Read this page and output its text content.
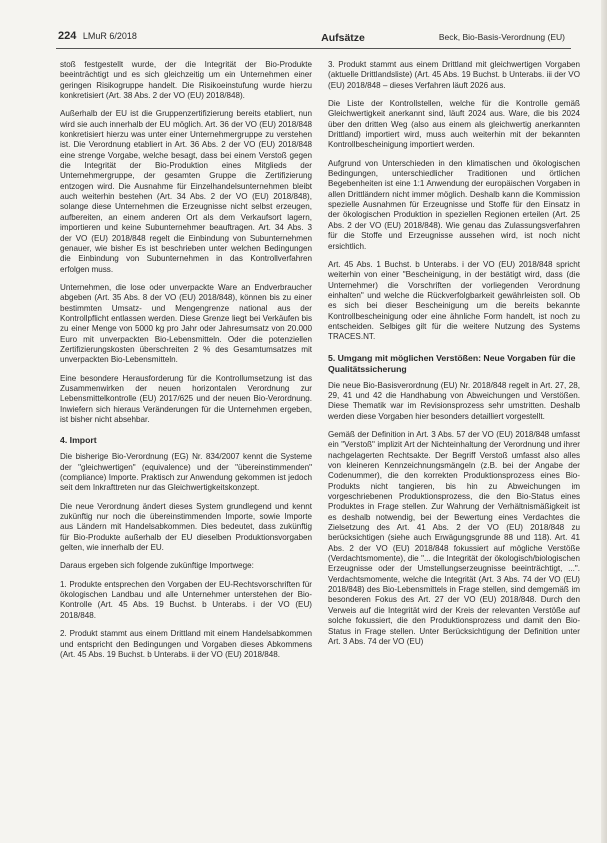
224 LMuR 6/2018	Aufsätze	Beck, Bio-Basis-Verordnung (EU)

stoß festgestellt wurde, der die Integrität der Bio-Produkte beeinträchtigt und es sich gleichzeitig um ein Unternehmen einer geringen Risikogruppe handelt. Die Risikoeinstufung wurde hierzu konkretisiert (Art. 38 Abs. 2 der VO (EU) 2018/848).

Außerhalb der EU ist die Gruppenzertifizierung bereits etabliert, nun wird sie auch innerhalb der EU möglich. Art. 36 der VO (EU) 2018/848 konkretisiert hierzu was unter einer Unternehmergruppe zu verstehen ist. Die Verordnung etabliert in Art. 36 Abs. 2 der VO (EU) 2018/848 eine strenge Vorgabe, welche besagt, dass bei einem Verstoß gegen die Integrität der Bio-Produktion eines Mitglieds der Unternehmergruppe, der gesamten Gruppe die Zertifizierung entzogen wird. Die Ausnahme für Einzelhandelsunternehmen bleibt auch weiterhin bestehen (Art. 34 Abs. 2 der VO (EU) 2018/848), solange diese Unternehmen die Erzeugnisse nicht selbst erzeugen, aufbereiten, an einem anderen Ort als dem Verkaufsort lagern, importieren und keine Subunternehmer beauftragen. Art. 34 Abs. 3 der VO (EU) 2018/848 regelt die Einbindung von Subunternehmen genauer, wie bisher Es ist beschrieben unter welchen Bedingungen die Einbindung von Subunternehmen in das Kontrollverfahren erfolgen muss.

Unternehmen, die lose oder unverpackte Ware an Endverbraucher abgeben (Art. 35 Abs. 8 der VO (EU) 2018/848), können bis zu einer bestimmten Umsatz- und Mengengrenze national aus der Kontrollpflicht entlassen werden. Diese Grenze liegt bei Verkäufen bis zu einer Menge von 5000 kg pro Jahr oder Jahresumsatz von 20.000 Euro mit unverpackten Bio-Lebensmitteln. Oder die potenziellen Zertifizierungskosten überschreiten 2 % des Gesamtumsatzes mit unverpackten Bio-Lebensmitteln.

Eine besondere Herausforderung für die Kontrollumsetzung ist das Zusammenwirken der neuen horizontalen Verordnung zur Lebensmittelkontrolle (EU) 2017/625 und der neuen Bio-Verordnung. Inwiefern sich hieraus Veränderungen für die Unternehmen ergeben, ist bisher nicht absehbar.

4. Import

Die bisherige Bio-Verordnung (EG) Nr. 834/2007 kennt die Systeme der "gleichwertigen" (equivalence) und der "übereinstimmenden" (compliance) Importe. Praktisch zur Anwendung gekommen ist jedoch seit dem Inkrafttreten nur das Gleichwertigkeitskonzept.

Die neue Verordnung ändert dieses System grundlegend und kennt zukünftig nur noch die übereinstimmenden Importe, sowie Importe aus Ländern mit Handelsabkommen. Dies bedeutet, dass zukünftig für Bio-Produkte außerhalb der EU dieselben Produktionsvorgaben gelten, wie innerhalb der EU.

Daraus ergeben sich folgende zukünftige Importwege:

1. Produkte entsprechen den Vorgaben der EU-Rechtsvorschriften für ökologischen Landbau und alle Unternehmer unterstehen der Bio-Kontrolle (Art. 45 Abs. 19 Buchst. b Unterabs. i der VO (EU) 2018/848.

2. Produkt stammt aus einem Drittland mit einem Handelsabkommen und entspricht den Bedingungen und Vorgaben dieses Abkommens (Art. 45 Abs. 19 Buchst. b Unterabs. ii der VO (EU) 2018/848.

3. Produkt stammt aus einem Drittland mit gleichwertigen Vorgaben (aktuelle Drittlandsliste) (Art. 45 Abs. 19 Buchst. b Unterabs. iii der VO (EU) 2018/848 – dieses Verfahren läuft 2026 aus.

Die Liste der Kontrollstellen, welche für die Kontrolle gemäß Gleichwertigkeit anerkannt sind, läuft 2024 aus. Ware, die bis 2024 über den dritten Weg (also aus einem als gleichwertig anerkannten Drittland) importiert wird, muss auch weiterhin mit der bekannten Kontrollbescheinigung importiert werden.

Aufgrund von Unterschieden in den klimatischen und ökologischen Bedingungen, unterschiedlicher Traditionen und örtlichen Begebenheiten ist eine 1:1 Anwendung der europäischen Vorgaben in allen Drittländern nicht immer möglich. Deshalb kann die Kommission spezielle Ausnahmen für Erzeugnisse und Stoffe für den Einsatz in der ökologischen Produktion in speziellen Regionen erteilen (Art. 25 Abs. 2 der VO (EU) 2018/848). Wie genau das Zulassungsverfahren für die Stoffe und Erzeugnisse aussehen wird, ist noch nicht ersichtlich.

Art. 45 Abs. 1 Buchst. b Unterabs. i der VO (EU) 2018/848 spricht weiterhin von einer "Bescheinigung, in der bestätigt wird, dass (die Unternehmer) die Vorschriften der vorliegenden Verordnung einhalten" und welche die Rückverfolgbarkeit gewährleisten soll. Ob es sich bei dieser Bescheinigung um die bereits bekannte Kontrollbescheinigung oder eine ähnliche Form handelt, ist noch zu entscheiden. Selbiges gilt für die weitere Nutzung des Systems TRACES.NT.

5. Umgang mit möglichen Verstößen: Neue Vorgaben für die Qualitätssicherung

Die neue Bio-Basisverordnung (EU) Nr. 2018/848 regelt in Art. 27, 28, 29, 41 und 42 die Handhabung von Abweichungen und Verstößen. Diese Thematik war im Revisionsprozess sehr umstritten. Deshalb werden diese Vorgaben hier besonders detailliert vorgestellt.

Gemäß der Definition in Art. 3 Abs. 57 der VO (EU) 2018/848 umfasst ein "Verstoß" implizit Art der Nichteinhaltung der Verordnung und ihrer nachgelagerten Rechtsakte. Der Begriff Verstoß umfasst also alles von kleineren Kennzeichnungsmängeln (z.B. bei der Angabe der Codenummer), die den korrekten Produktionsprozess eines Bio-Produkts nicht tangieren, bis hin zu Abweichungen im vorgeschriebenen Produktionsprozess, die den Bio-Status eines Produktes in Frage stellen. Zur Wahrung der Verhältnismäßigkeit ist es deshalb notwendig, bei der Bewertung eines Verdachtes die Zielsetzung des Art. 41 Abs. 2 der VO (EU) 2018/848 zu berücksichtigen (siehe auch Erwägungsgrunde 88 und 118). Art. 41 Abs. 2 der VO (EU) 2018/848 fokussiert auf mögliche Verstöße (Verdachtsmomente), die "... die Integrität der ökologisch/biologischen Erzeugnisse oder der Umstellungserzeugnisse beeinträchtigt, ...". Verdachtsmomente, welche die Integrität (Art. 3 Abs. 74 der VO (EU) 2018/848) des Bio-Lebensmittels in Frage stellen, sind demgemäß im besonderen Fokus des Art. 27 der VO (EU) 2018/848. Durch den Verweis auf die Integrität wird der Kreis der relevanten Verstöße auf solche fokussiert, die den Produktionsprozess und damit den Bio-Status in Frage stellen. Unter Berücksichtigung der Definition unter Art. 3 Abs. 74 der VO (EU)
